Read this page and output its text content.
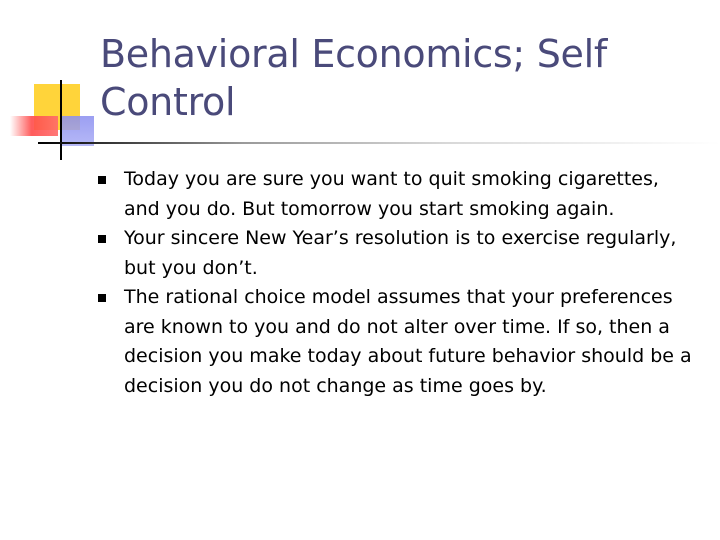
Behavioral Economics; Self
Control
Today you are sure you want to quit smoking cigarettes, and you do. But tomorrow you start smoking again.
Your sincere New Year’s resolution is to exercise regularly, but you don’t.
The rational choice model assumes that your preferences are known to you and do not alter over time. If so, then a decision you make today about future behavior should be a decision you do not change as time goes by.
